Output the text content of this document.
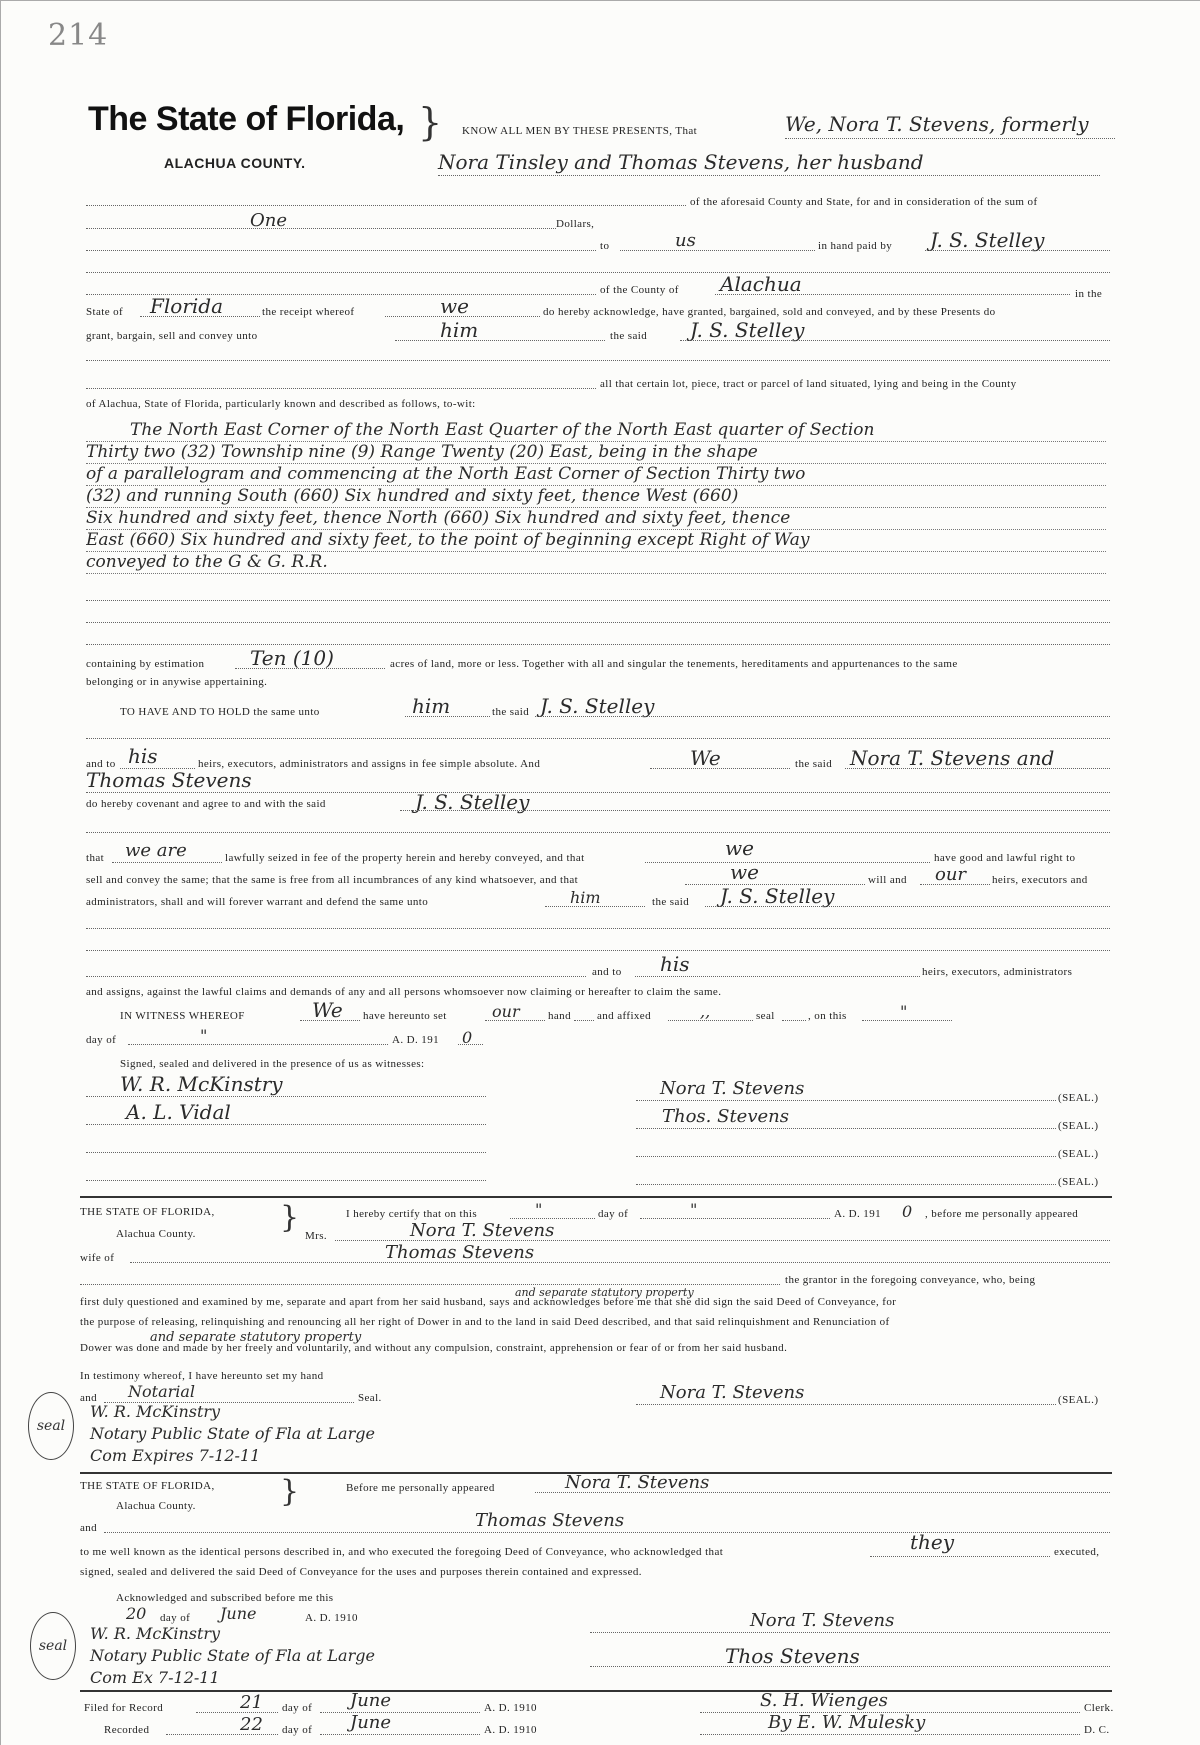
214
The State of Florida,
ALACHUA COUNTY.
} KNOW ALL MEN BY THESE PRESENTS, That	We, Nora T. Stevens, formerly
Nora Tinsley and Thomas Stevens, her husband
of the aforesaid County and State, for and in consideration of the sum of
One	Dollars,
to	us	in hand paid by J. S. Stelley
of the County of Alachua	in the
State of Florida	the receipt whereof	we	do hereby acknowledge, have granted, bargained, sold and conveyed, and by these Presents do
grant, bargain, sell and convey unto	him	the said J. S. Stelley
all that certain lot, piece, tract or parcel of land situated, lying and being in the County
of Alachua, State of Florida, particularly known and described as follows, to-wit:
The North East Corner of the North East Quarter of the North East quarter of Section
Thirty two (32) Township nine (9) Range Twenty (20) East, being in the shape
of a parallelogram and commencing at the North East Corner of Section Thirty two
(32) and running South (660) Six hundred and sixty feet, thence West (660)
Six hundred and sixty feet, thence North (660) Six hundred and sixty feet, thence
East (660) Six hundred and sixty feet, to the point of beginning except Right of Way
conveyed to the G & G. R.R.
containing by estimation Ten (10)	acres of land, more or less. Together with all and singular the tenements, hereditaments and appurtenances to the same
belonging or in anywise appertaining.
TO HAVE AND TO HOLD the same unto	him	the said J. S. Stelley
and to his	heirs, executors, administrators and assigns in fee simple absolute. And	We	the said Nora T. Stevens and
Thomas Stevens
do hereby covenant and agree to and with the said	J. S. Stelley
that we are	lawfully seized in fee of the property herein and hereby conveyed, and that	we	have good and lawful right to
sell and convey the same; that the same is free from all incumbrances of any kind whatsoever, and that	we	will and our heirs, executors and
administrators, shall and will forever warrant and defend the same unto	him	the said J. S. Stelley
and to his	heirs, executors, administrators
and assigns, against the lawful claims and demands of any and all persons whomsoever now claiming or hereafter to claim the same.
IN WITNESS WHEREOF	We have hereunto set	our	hand and affixed	,,	seal	, on this	"
day of	"	A. D. 191 0
Signed, sealed and delivered in the presence of us as witnesses:
W. R. McKinstry
A. L. Vidal
Nora T. Stevens	(SEAL.)
Thos. Stevens	(SEAL.)
(SEAL.)
(SEAL.)
THE STATE OF FLORIDA,
Alachua County.	}	I hereby certify that on this	"	day of	"	A. D. 191 0 , before me personally appeared
Mrs.	Nora T. Stevens
wife of	Thomas Stevens
the grantor in the foregoing conveyance, who, being
first duly questioned and examined by me, separate and apart from her said husband, says and acknowledges before me that she did sign the said Deed of Conveyance, for
and separate statutory property
the purpose of releasing, relinquishing and renouncing all her right of Dower in and to the land in said Deed described, and that said relinquishment and Renunciation of
and separate statutory property
Dower was done and made by her freely and voluntarily, and without any compulsion, constraint, apprehension or fear of or from her said husband.
In testimony whereof, I have hereunto set my hand
and Notarial	Seal.
W. R. McKinstry
Notary Public State of Fla at Large
Com Expires 7-12-11
seal
Nora T. Stevens	(SEAL.)
THE STATE OF FLORIDA,
Alachua County.	}	Before me personally appeared	Nora T. Stevens
and	Thomas Stevens
to me well known as the identical persons described in, and who executed the foregoing Deed of Conveyance, who acknowledged that	they	executed,
signed, sealed and delivered the said Deed of Conveyance for the uses and purposes therein contained and expressed.
Acknowledged and subscribed before me this
20 day of June	A. D. 1910
W. R. McKinstry
Notary Public State of Fla at Large
Com Ex 7-12-11
seal
Nora T. Stevens
Thos Stevens
Filed for Record	21 day of June	A. D. 1910	S. H. Wienges	Clerk.
Recorded	22 day of June	A. D. 1910	By E. W. Mulesky	D. C.
